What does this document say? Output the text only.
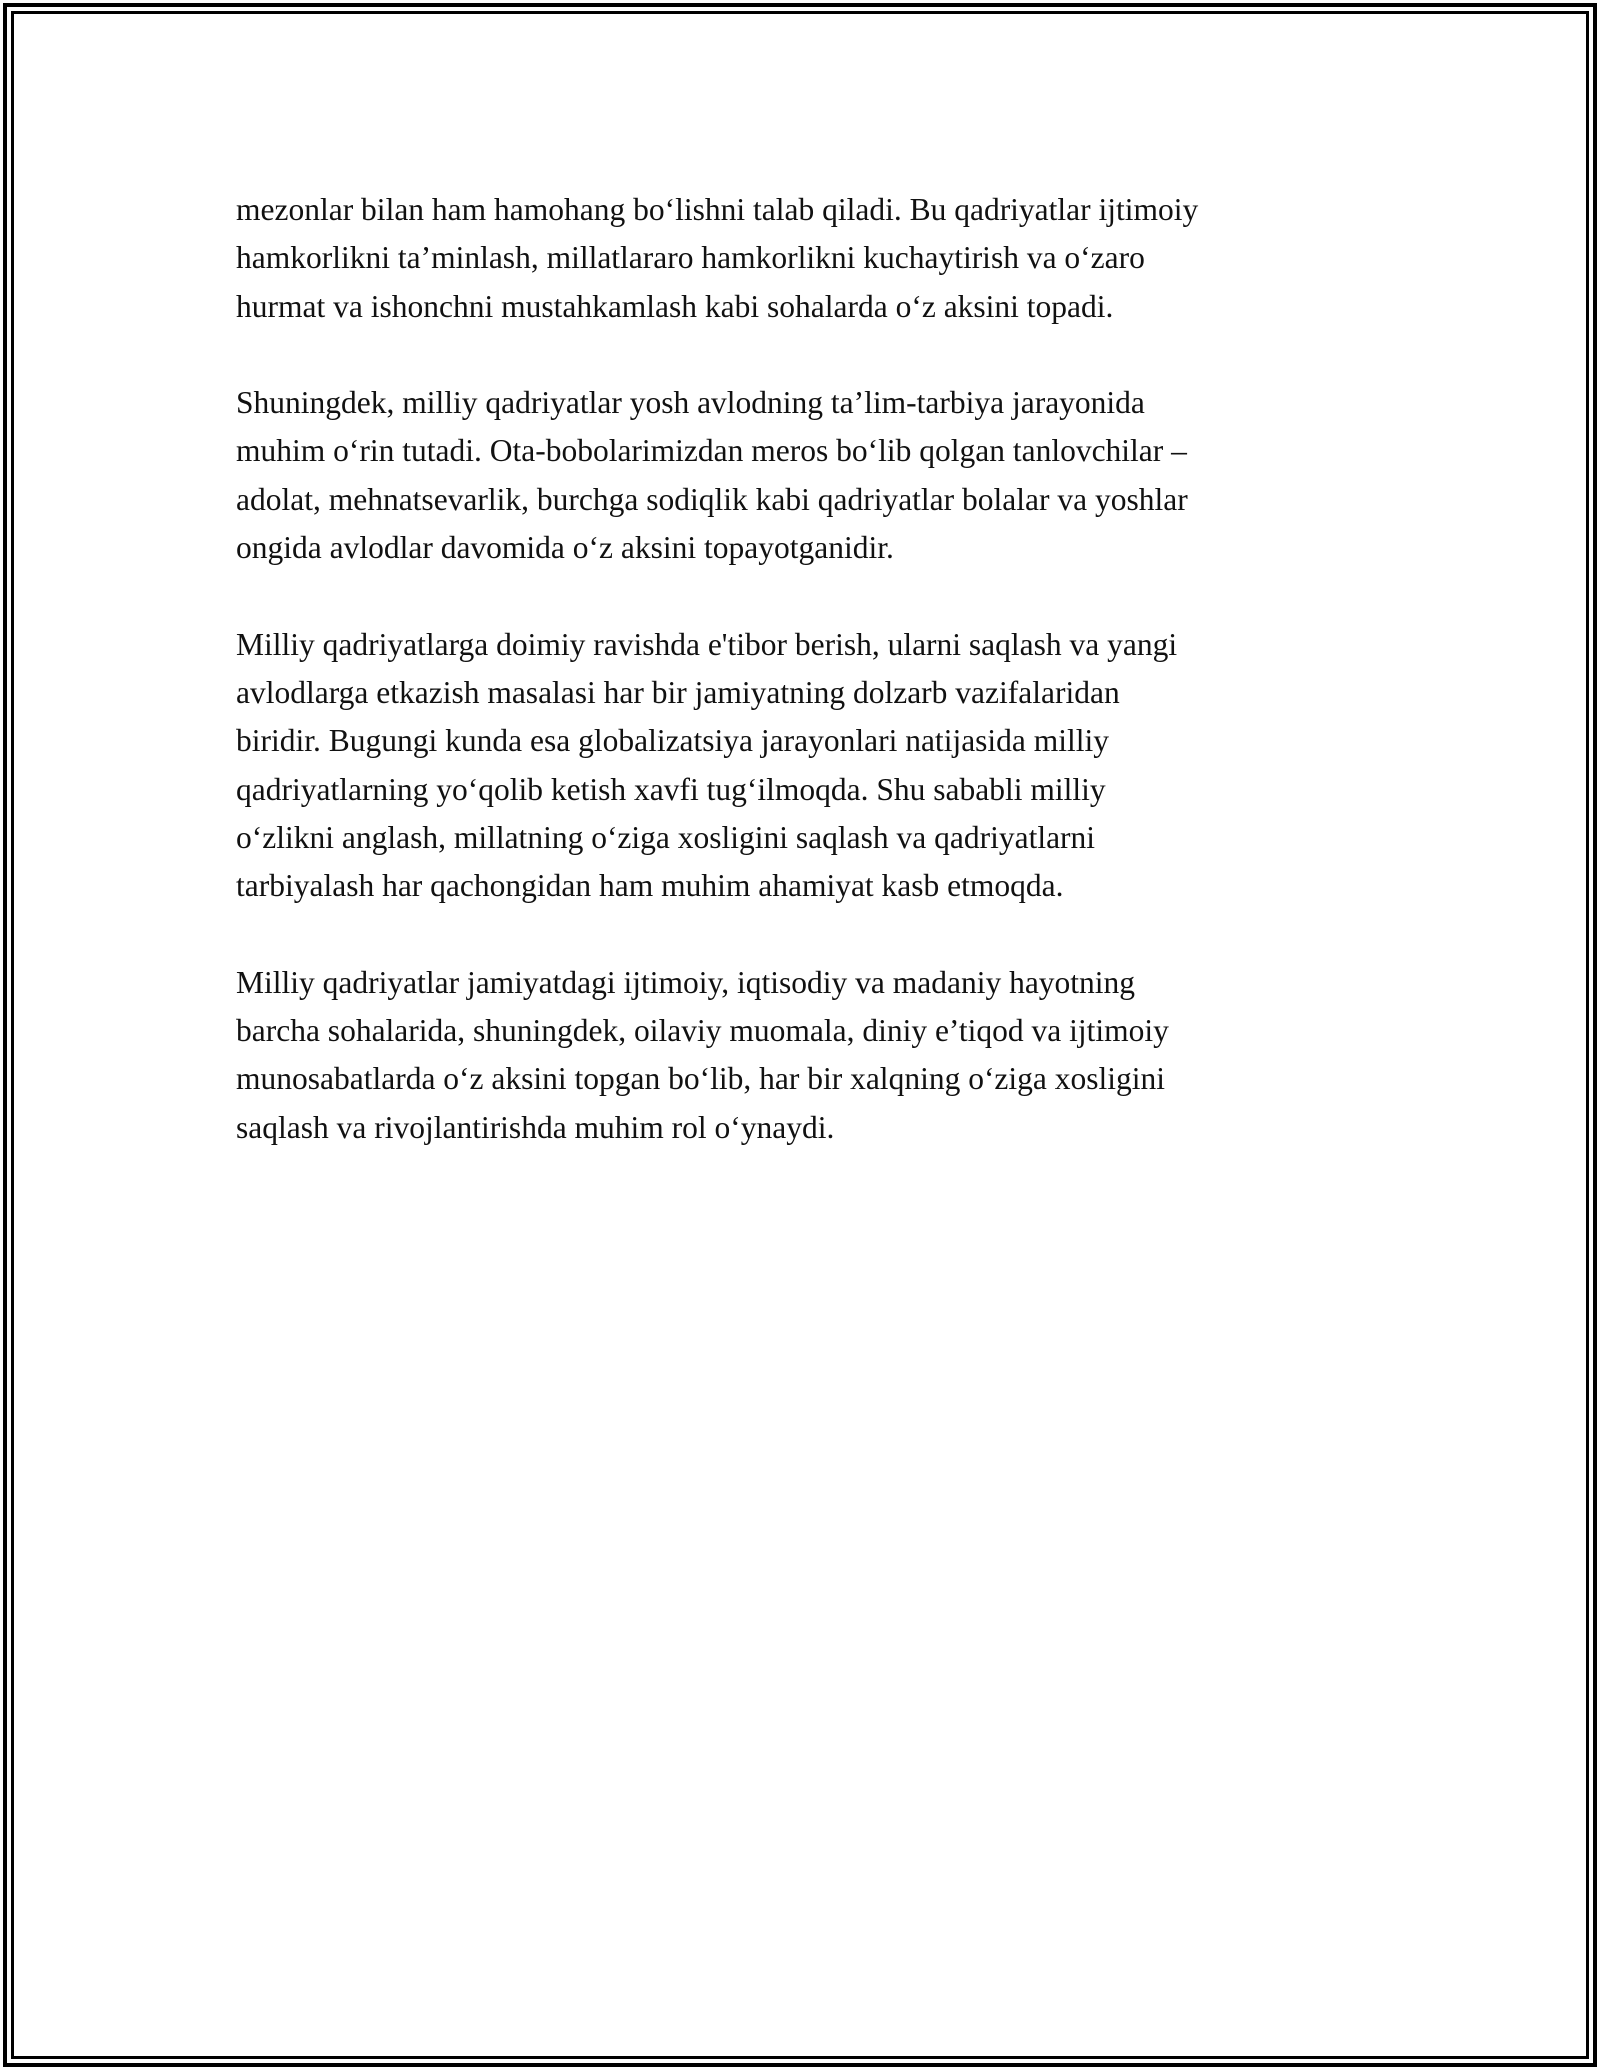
mezonlar bilan ham hamohang bo‘lishni talab qiladi. Bu qadriyatlar ijtimoiy
hamkorlikni ta’minlash, millatlararo hamkorlikni kuchaytirish va o‘zaro
hurmat va ishonchni mustahkamlash kabi sohalarda o‘z aksini topadi.

Shuningdek, milliy qadriyatlar yosh avlodning ta’lim-tarbiya jarayonida
muhim o‘rin tutadi. Ota-bobolarimizdan meros bo‘lib qolgan tanlovchilar –
adolat, mehnatsevarlik, burchga sodiqlik kabi qadriyatlar bolalar va yoshlar
ongida avlodlar davomida o‘z aksini topayotganidir.

Milliy qadriyatlarga doimiy ravishda e'tibor berish, ularni saqlash va yangi
avlodlarga etkazish masalasi har bir jamiyatning dolzarb vazifalaridan
biridir. Bugungi kunda esa globalizatsiya jarayonlari natijasida milliy
qadriyatlarning yo‘qolib ketish xavfi tug‘ilmoqda. Shu sababli milliy
o‘zlikni anglash, millatning o‘ziga xosligini saqlash va qadriyatlarni
tarbiyalash har qachongidan ham muhim ahamiyat kasb etmoqda.

Milliy qadriyatlar jamiyatdagi ijtimoiy, iqtisodiy va madaniy hayotning
barcha sohalarida, shuningdek, oilaviy muomala, diniy e’tiqod va ijtimoiy
munosabatlarda o‘z aksini topgan bo‘lib, har bir xalqning o‘ziga xosligini
saqlash va rivojlantirishda muhim rol o‘ynaydi.
